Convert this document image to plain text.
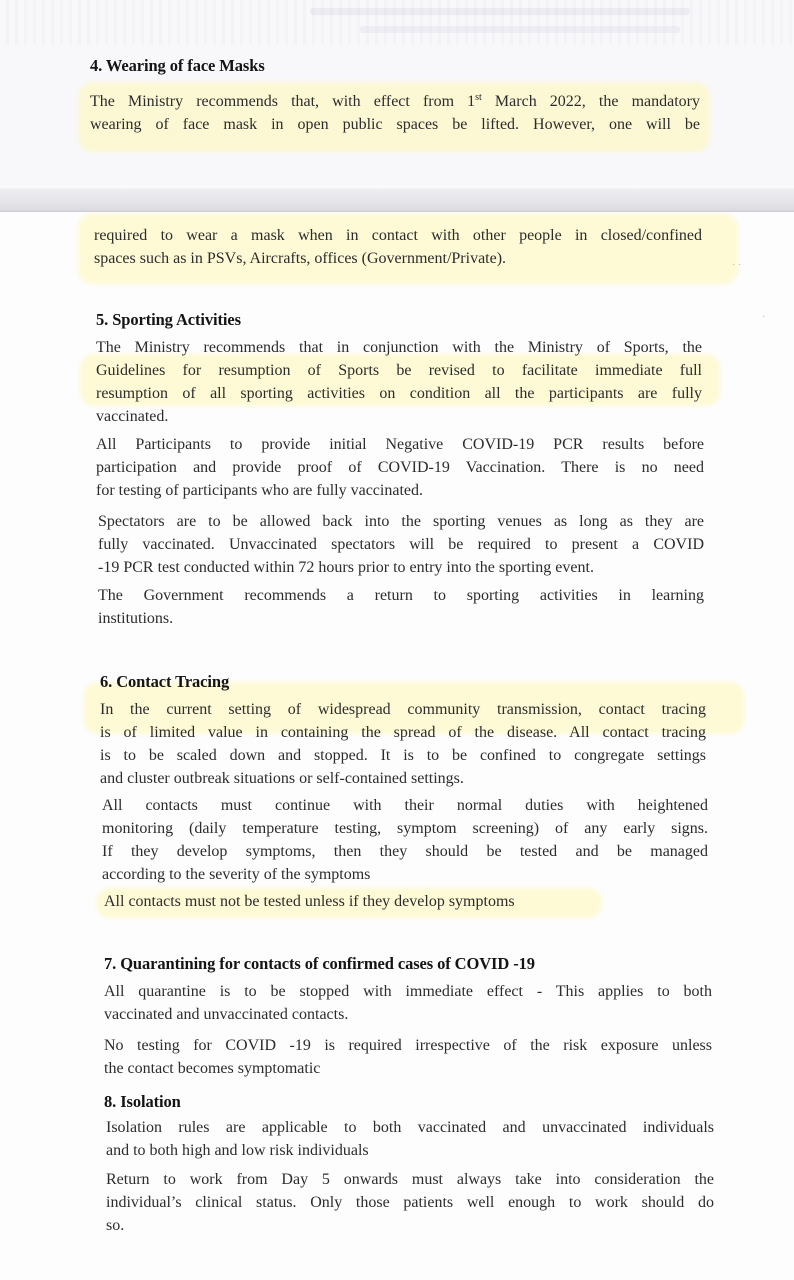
4. Wearing of face Masks
The Ministry recommends that, with effect from 1st March 2022, the mandatory
wearing of face mask in open public spaces be lifted. However, one will be
· ·
·
required to wear a mask when in contact with other people in closed/confined
spaces such as in PSVs, Aircrafts, offices (Government/Private).
5. Sporting Activities
The Ministry recommends that in conjunction with the Ministry of Sports, the
Guidelines for resumption of Sports be revised to facilitate immediate full
resumption of all sporting activities on condition all the participants are fully
vaccinated.
All Participants to provide initial Negative COVID-19 PCR results before
participation and provide proof of COVID-19 Vaccination. There is no need
for testing of participants who are fully vaccinated.
Spectators are to be allowed back into the sporting venues as long as they are
fully vaccinated. Unvaccinated spectators will be required to present a COVID
-19 PCR test conducted within 72 hours prior to entry into the sporting event.
The Government recommends a return to sporting activities in learning
institutions.
6. Contact Tracing
In the current setting of widespread community transmission, contact tracing
is of limited value in containing the spread of the disease. All contact tracing
is to be scaled down and stopped. It is to be confined to congregate settings
and cluster outbreak situations or self-contained settings.
All contacts must continue with their normal duties with heightened
monitoring (daily temperature testing, symptom screening) of any early signs.
If they develop symptoms, then they should be tested and be managed
according to the severity of the symptoms
All contacts must not be tested unless if they develop symptoms
7. Quarantining for contacts of confirmed cases of COVID -19
All quarantine is to be stopped with immediate effect - This applies to both
vaccinated and unvaccinated contacts.
No testing for COVID -19 is required irrespective of the risk exposure unless
the contact becomes symptomatic
8. Isolation
Isolation rules are applicable to both vaccinated and unvaccinated individuals
and to both high and low risk individuals
Return to work from Day 5 onwards must always take into consideration the
individual’s clinical status. Only those patients well enough to work should do
so.
